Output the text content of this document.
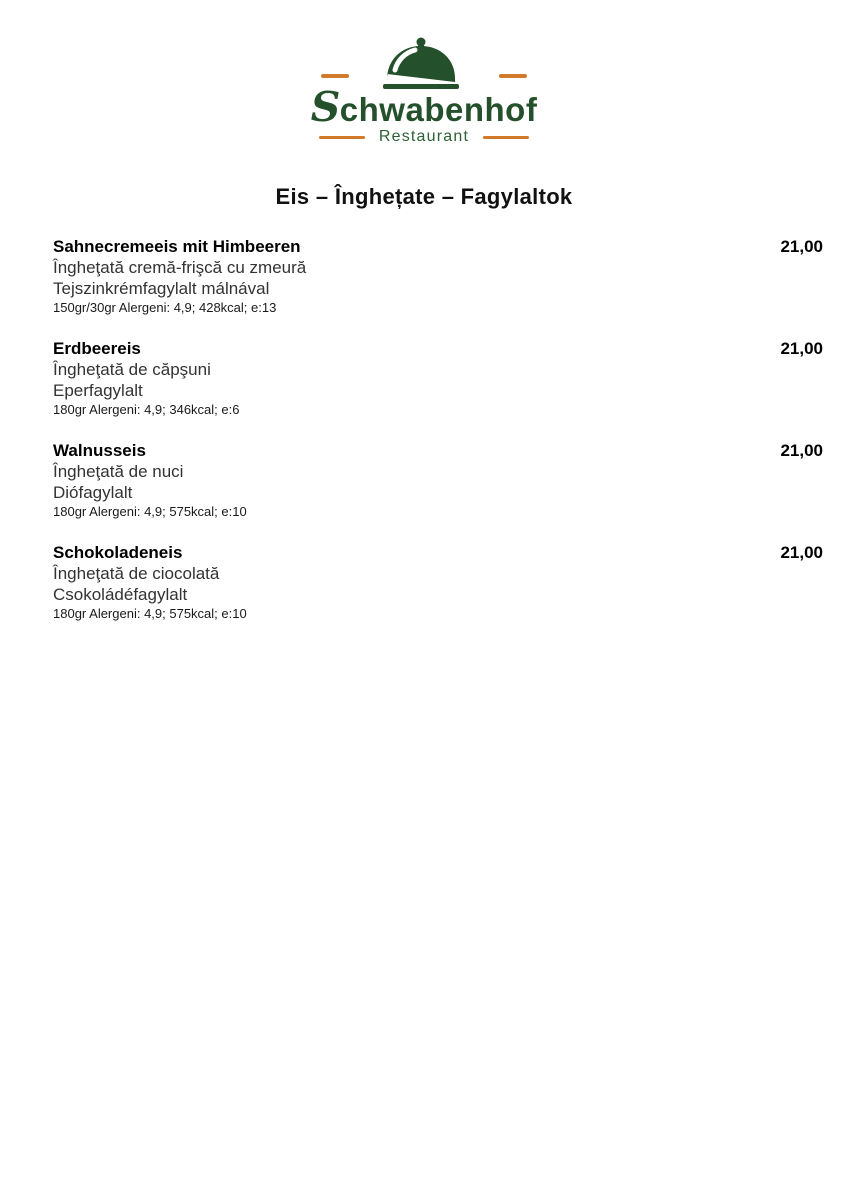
Schwabenhof
Restaurant
Eis – Înghețate – Fagylaltok
Sahnecremeeis mit Himbeeren	21,00
Îngheţată cremă-frişcă cu zmeură
Tejszinkrémfagylalt málnával
150gr/30gr Alergeni: 4,9; 428kcal; e:13
Erdbeereis	21,00
Îngheţată de căpşuni
Eperfagylalt
180gr Alergeni: 4,9; 346kcal; e:6
Walnusseis	21,00
Îngheţată de nuci
Diófagylalt
180gr Alergeni: 4,9; 575kcal; e:10
Schokoladeneis	21,00
Îngheţată de ciocolată
Csokoládéfagylalt
180gr Alergeni: 4,9; 575kcal; e:10
